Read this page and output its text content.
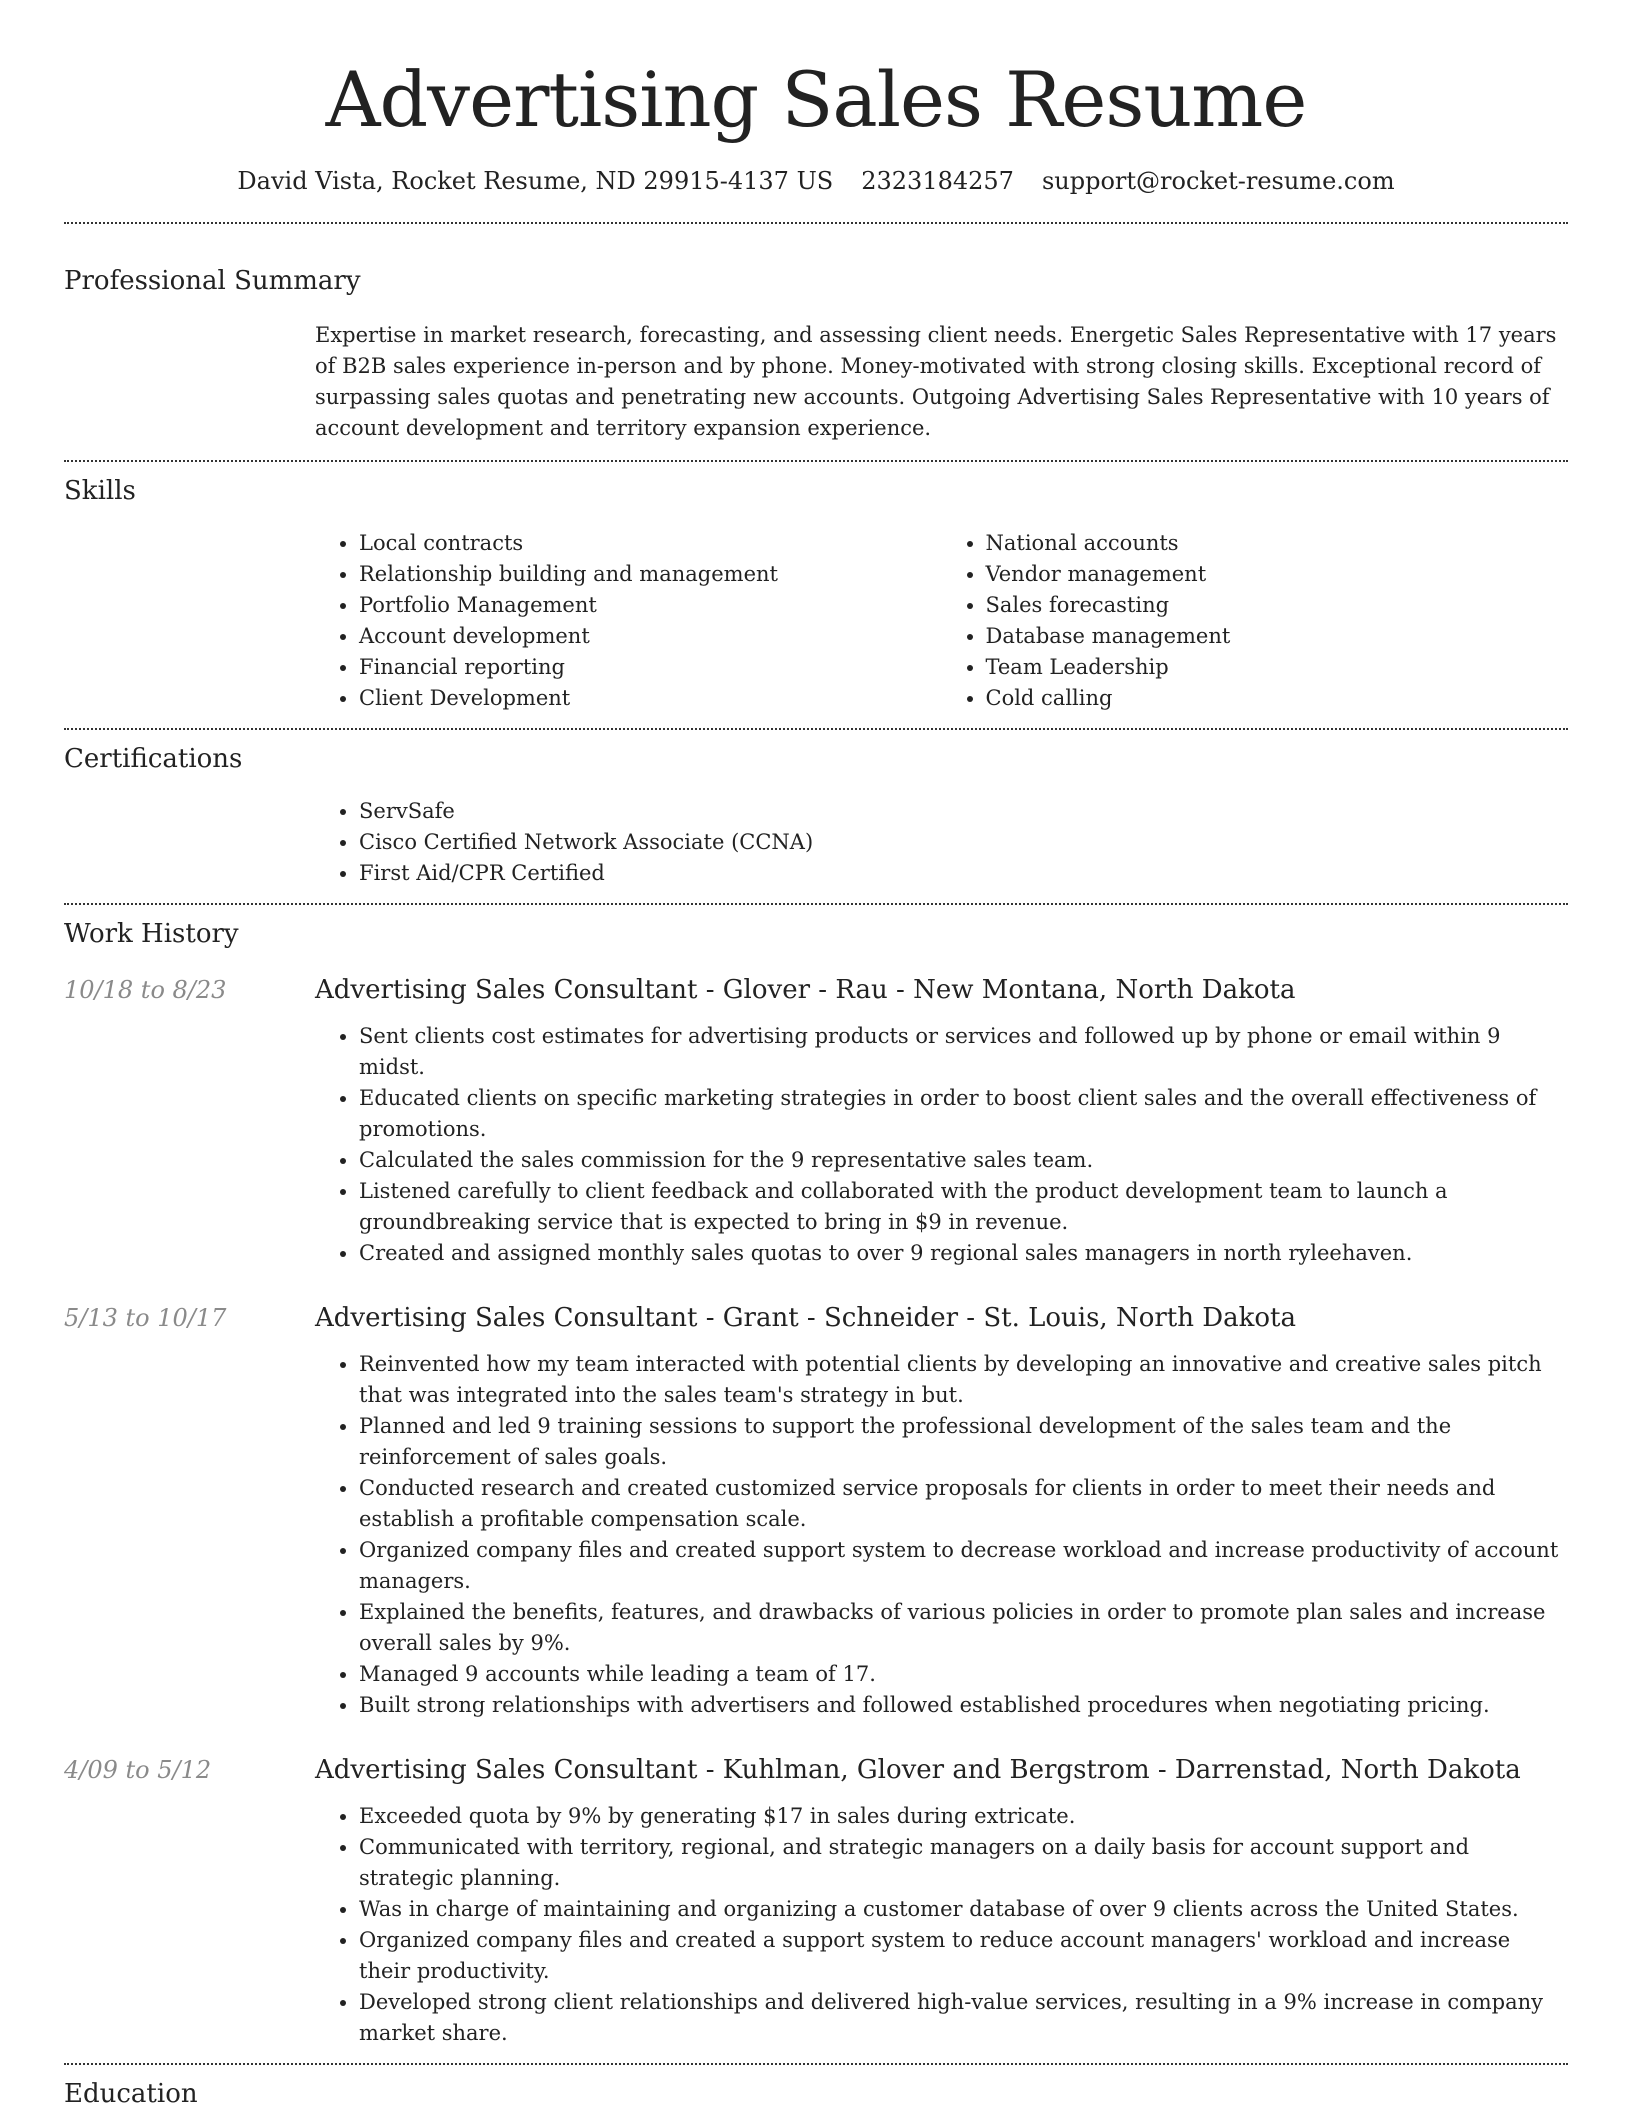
Advertising Sales Resume
David Vista, Rocket Resume, ND 29915-4137 US 2323184257 support@rocket-resume.com
Professional Summary

Expertise in market research, forecasting, and assessing client needs. Energetic Sales Representative with 17 years of B2B sales experience in-person and by phone. Money-motivated with strong closing skills. Exceptional record of surpassing sales quotas and penetrating new accounts. Outgoing Advertising Sales Representative with 10 years of account development and territory expansion experience.

Skills
• Local contracts
• Relationship building and management
• Portfolio Management
• Account development
• Financial reporting
• Client Development
• National accounts
• Vendor management
• Sales forecasting
• Database management
• Team Leadership
• Cold calling
Certifications
• ServSafe
• Cisco Certified Network Associate (CCNA)
• First Aid/CPR Certified
Work History
10/18 to 8/23	Advertising Sales Consultant - Glover - Rau - New Montana, North Dakota
• Sent clients cost estimates for advertising products or services and followed up by phone or email within 9 midst.
• Educated clients on specific marketing strategies in order to boost client sales and the overall effectiveness of promotions.
• Calculated the sales commission for the 9 representative sales team.
• Listened carefully to client feedback and collaborated with the product development team to launch a groundbreaking service that is expected to bring in $9 in revenue.
• Created and assigned monthly sales quotas to over 9 regional sales managers in north ryleehaven.
5/13 to 10/17	Advertising Sales Consultant - Grant - Schneider - St. Louis, North Dakota
• Reinvented how my team interacted with potential clients by developing an innovative and creative sales pitch that was integrated into the sales team's strategy in but.
• Planned and led 9 training sessions to support the professional development of the sales team and the reinforcement of sales goals.
• Conducted research and created customized service proposals for clients in order to meet their needs and establish a profitable compensation scale.
• Organized company files and created support system to decrease workload and increase productivity of account managers.
• Explained the benefits, features, and drawbacks of various policies in order to promote plan sales and increase overall sales by 9%.
• Managed 9 accounts while leading a team of 17.
• Built strong relationships with advertisers and followed established procedures when negotiating pricing.
4/09 to 5/12	Advertising Sales Consultant - Kuhlman, Glover and Bergstrom - Darrenstad, North Dakota
• Exceeded quota by 9% by generating $17 in sales during extricate.
• Communicated with territory, regional, and strategic managers on a daily basis for account support and strategic planning.
• Was in charge of maintaining and organizing a customer database of over 9 clients across the United States.
• Organized company files and created a support system to reduce account managers' workload and increase their productivity.
• Developed strong client relationships and delivered high-value services, resulting in a 9% increase in company market share.
Education
